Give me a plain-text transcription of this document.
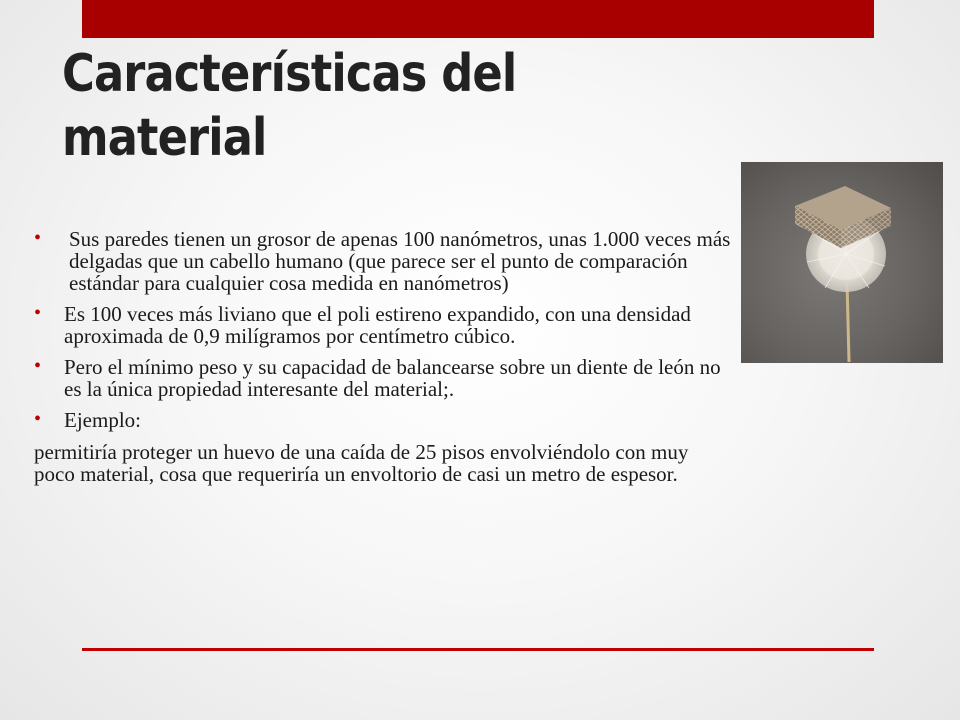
Características del material
• Sus paredes tienen un grosor de apenas 100 nanómetros, unas 1.000 veces más delgadas que un cabello humano (que parece ser el punto de comparación estándar para cualquier cosa medida en nanómetros)
• Es 100 veces más liviano que el poli estireno expandido, con una densidad aproximada de 0,9 milígramos por centímetro cúbico.
• Pero el mínimo peso y su capacidad de balancearse sobre un diente de león no es la única propiedad interesante del material;.
• Ejemplo:

permitiría proteger un huevo de una caída de 25 pisos envolviéndolo con muy poco material, cosa que requeriría un envoltorio de casi un metro de espesor.
